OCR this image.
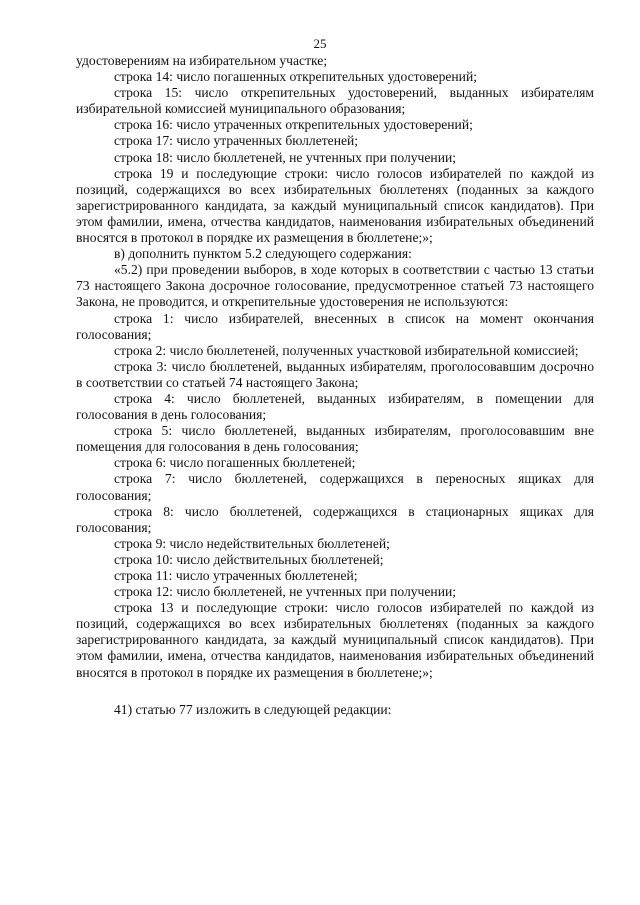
25

удостоверениям на избирательном участке;

строка 14: число погашенных открепительных удостоверений;

строка 15: число открепительных удостоверений, выданных избирателям избирательной комиссией муниципального образования;

строка 16: число утраченных открепительных удостоверений;

строка 17: число утраченных бюллетеней;

строка 18: число бюллетеней, не учтенных при получении;

строка 19 и последующие строки: число голосов избирателей по каждой из позиций, содержащихся во всех избирательных бюллетенях (поданных за каждого зарегистрированного кандидата, за каждый муниципальный список кандидатов). При этом фамилии, имена, отчества кандидатов, наименования избирательных объединений вносятся в протокол в порядке их размещения в бюллетене;»;

в) дополнить пунктом 5.2 следующего содержания:

«5.2) при проведении выборов, в ходе которых в соответствии с частью 13 статьи 73 настоящего Закона досрочное голосование, предусмотренное статьей 73 настоящего Закона, не проводится, и открепительные удостоверения не используются:

строка 1: число избирателей, внесенных в список на момент окончания голосования;

строка 2: число бюллетеней, полученных участковой избирательной комиссией;

строка 3: число бюллетеней, выданных избирателям, проголосовавшим досрочно в соответствии со статьей 74 настоящего Закона;

строка 4: число бюллетеней, выданных избирателям, в помещении для голосования в день голосования;

строка 5: число бюллетеней, выданных избирателям, проголосовавшим вне помещения для голосования в день голосования;

строка 6: число погашенных бюллетеней;

строка 7: число бюллетеней, содержащихся в переносных ящиках для голосования;

строка 8: число бюллетеней, содержащихся в стационарных ящиках для голосования;

строка 9: число недействительных бюллетеней;

строка 10: число действительных бюллетеней;

строка 11: число утраченных бюллетеней;

строка 12: число бюллетеней, не учтенных при получении;

строка 13 и последующие строки: число голосов избирателей по каждой из позиций, содержащихся во всех избирательных бюллетенях (поданных за каждого зарегистрированного кандидата, за каждый муниципальный список кандидатов). При этом фамилии, имена, отчества кандидатов, наименования избирательных объединений вносятся в протокол в порядке их размещения в бюллетене;»;

41) статью 77 изложить в следующей редакции:
